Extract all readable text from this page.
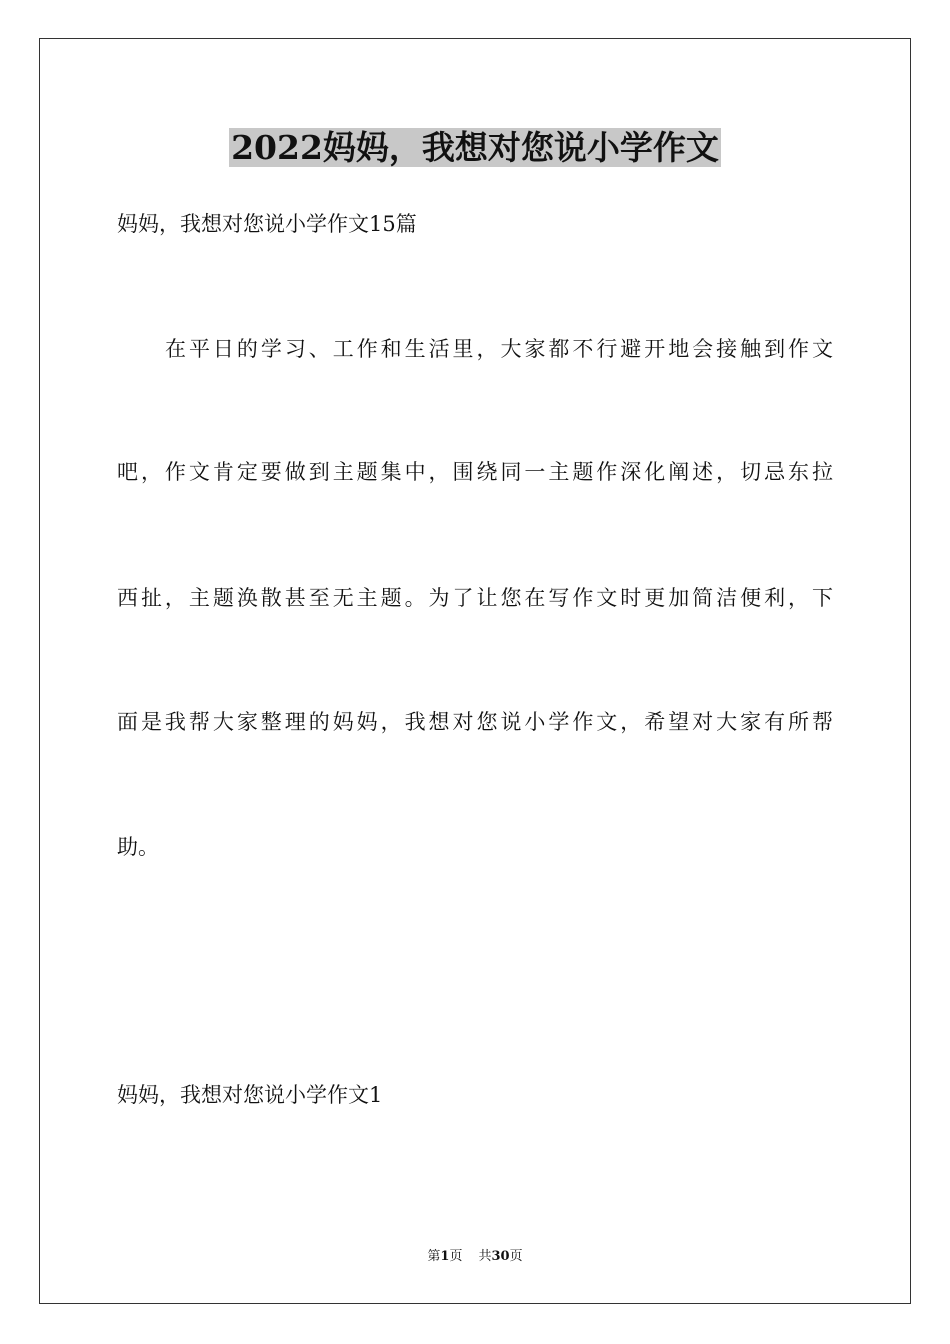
2022妈妈，我想对您说小学作文
妈妈，我想对您说小学作文15篇
在平日的学习、工作和生活里，大家都不行避开地会接触到作文
吧，作文肯定要做到主题集中，围绕同一主题作深化阐述，切忌东拉
西扯，主题涣散甚至无主题。为了让您在写作文时更加简洁便利，下
面是我帮大家整理的妈妈，我想对您说小学作文，希望对大家有所帮
助。
妈妈，我想对您说小学作文1
第1页 共30页
